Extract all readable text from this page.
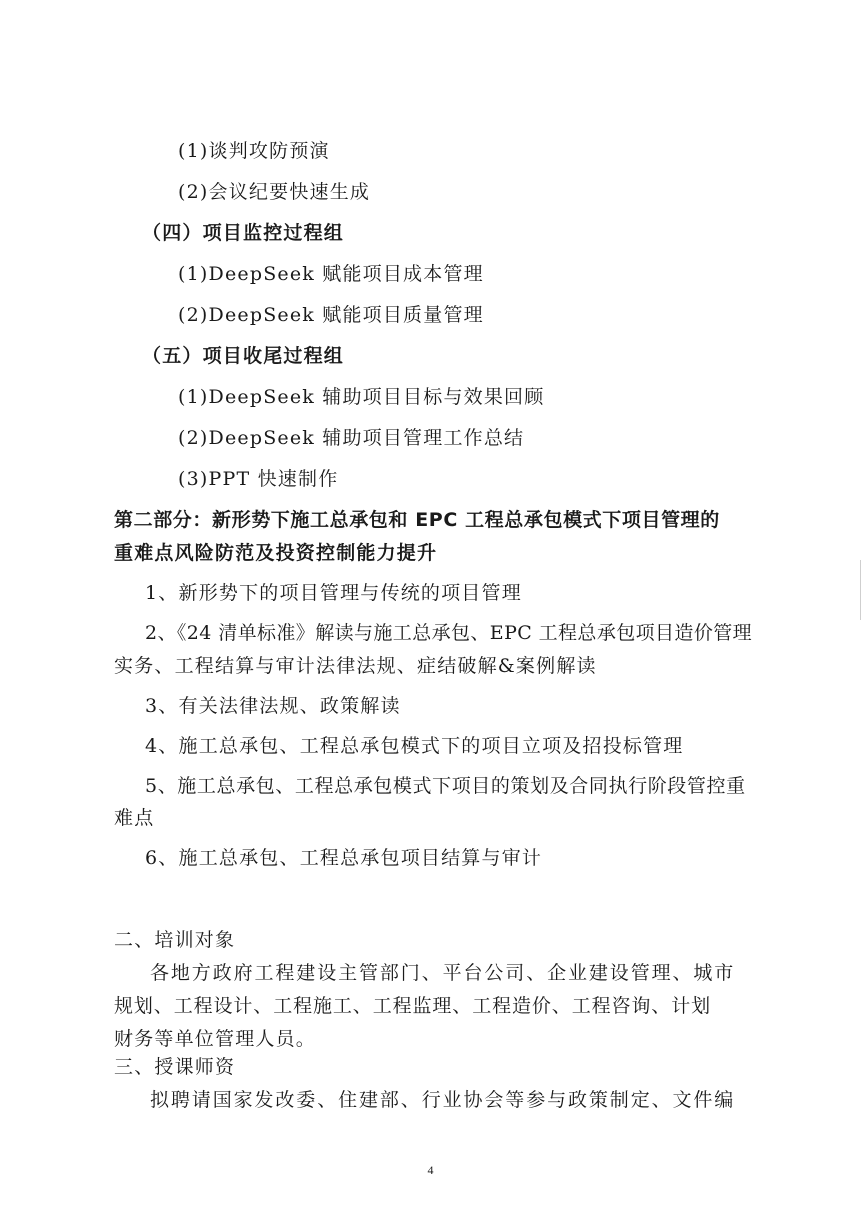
(1)谈判攻防预演
(2)会议纪要快速生成
（四）项目监控过程组
(1)DeepSeek 赋能项目成本管理
(2)DeepSeek 赋能项目质量管理
（五）项目收尾过程组
(1)DeepSeek 辅助项目目标与效果回顾
(2)DeepSeek 辅助项目管理工作总结
(3)PPT 快速制作
第二部分：新形势下施工总承包和 EPC 工程总承包模式下项目管理的
重难点风险防范及投资控制能力提升
1、新形势下的项目管理与传统的项目管理
2、《24 清单标准》解读与施工总承包、EPC 工程总承包项目造价管理
实务、工程结算与审计法律法规、症结破解&案例解读
3、有关法律法规、政策解读
4、施工总承包、工程总承包模式下的项目立项及招投标管理
5、施工总承包、工程总承包模式下项目的策划及合同执行阶段管控重
难点
6、施工总承包、工程总承包项目结算与审计
二、培训对象
各地方政府工程建设主管部门、平台公司、企业建设管理、城市
规划、工程设计、工程施工、工程监理、工程造价、工程咨询、计划
财务等单位管理人员。
三、授课师资
拟聘请国家发改委、住建部、行业协会等参与政策制定、文件编
4
